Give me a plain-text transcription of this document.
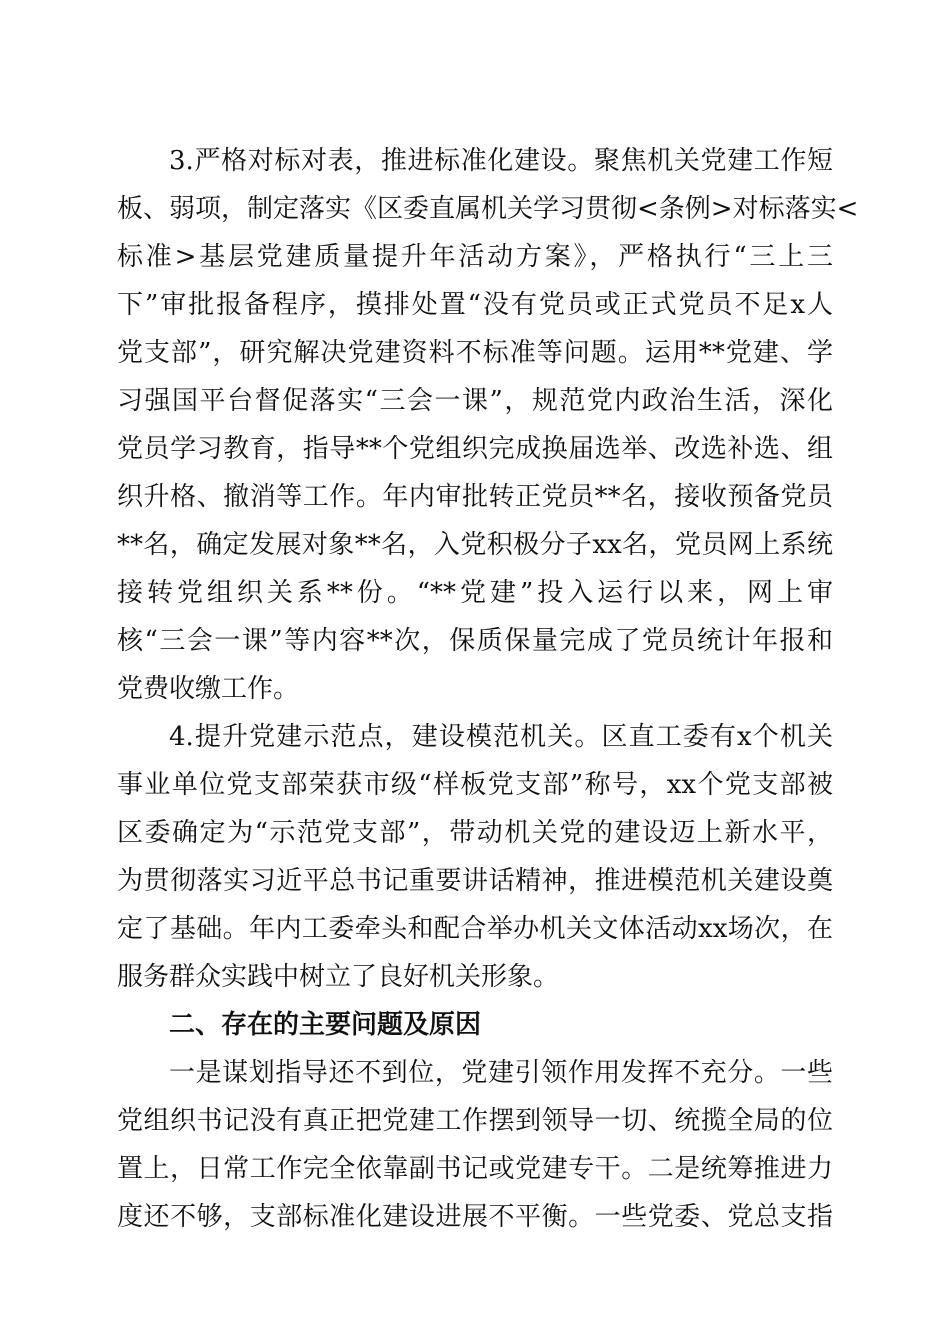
3.严格对标对表，推进标准化建设。聚焦机关党建工作短
板、弱项，制定落实《区委直属机关学习贯彻<条例>对标落实<
标准>基层党建质量提升年活动方案》，严格执行“三上三
下”审批报备程序，摸排处置“没有党员或正式党员不足x人
党支部”，研究解决党建资料不标准等问题。运用**党建、学
习强国平台督促落实“三会一课”，规范党内政治生活，深化
党员学习教育，指导**个党组织完成换届选举、改选补选、组
织升格、撤消等工作。年内审批转正党员**名，接收预备党员
**名，确定发展对象**名，入党积极分子xx名，党员网上系统
接转党组织关系**份。“**党建”投入运行以来，网上审
核“三会一课”等内容**次，保质保量完成了党员统计年报和
党费收缴工作。
4.提升党建示范点，建设模范机关。区直工委有x个机关
事业单位党支部荣获市级“样板党支部”称号，xx个党支部被
区委确定为“示范党支部”，带动机关党的建设迈上新水平，
为贯彻落实习近平总书记重要讲话精神，推进模范机关建设奠
定了基础。年内工委牵头和配合举办机关文体活动xx场次，在
服务群众实践中树立了良好机关形象。
二、存在的主要问题及原因
一是谋划指导还不到位，党建引领作用发挥不充分。一些
党组织书记没有真正把党建工作摆到领导一切、统揽全局的位
置上，日常工作完全依靠副书记或党建专干。二是统筹推进力
度还不够，支部标准化建设进展不平衡。一些党委、党总支指
